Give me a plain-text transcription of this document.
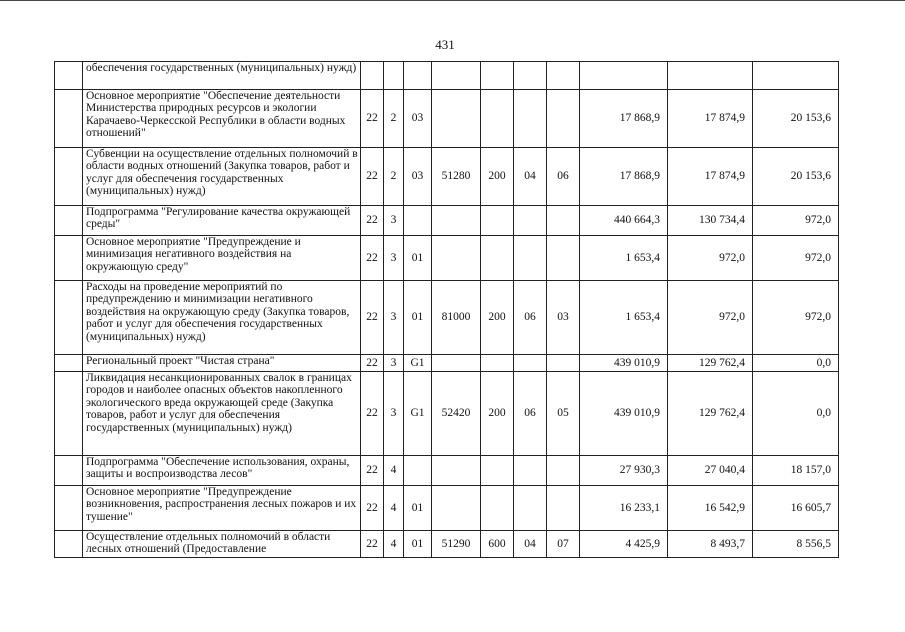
431
	обеспечения государственных (муниципальных) нужд)										
	Основное мероприятие "Обеспечение деятельности Министерства природных ресурсов и экологии Карачаево-Черкесской Республики в области водных отношений"	22	2	03					17 868,9	17 874,9	20 153,6
	Субвенции на осуществление отдельных полномочий в области водных отношений (Закупка товаров, работ и услуг для обеспечения государственных (муниципальных) нужд)	22	2	03	51280	200	04	06	17 868,9	17 874,9	20 153,6
	Подпрограмма "Регулирование качества окружающей среды"	22	3						440 664,3	130 734,4	972,0
	Основное мероприятие "Предупреждение и минимизация негативного воздействия на окружающую среду"	22	3	01					1 653,4	972,0	972,0
	Расходы на проведение мероприятий по предупреждению и минимизации негативного воздействия на окружающую среду (Закупка товаров, работ и услуг для обеспечения государственных (муниципальных) нужд)	22	3	01	81000	200	06	03	1 653,4	972,0	972,0
	Региональный проект "Чистая страна"	22	3	G1					439 010,9	129 762,4	0,0
	Ликвидация несанкционированных свалок в границах городов и наиболее опасных объектов накопленного экологического вреда окружающей среде (Закупка товаров, работ и услуг для обеспечения государственных (муниципальных) нужд)	22	3	G1	52420	200	06	05	439 010,9	129 762,4	0,0
	Подпрограмма "Обеспечение использования, охраны, защиты и воспроизводства лесов"	22	4						27 930,3	27 040,4	18 157,0
	Основное мероприятие "Предупреждение возникновения, распространения лесных пожаров и их тушение"	22	4	01					16 233,1	16 542,9	16 605,7
	Осуществление отдельных полномочий в области лесных отношений (Предоставление	22	4	01	51290	600	04	07	4 425,9	8 493,7	8 556,5
